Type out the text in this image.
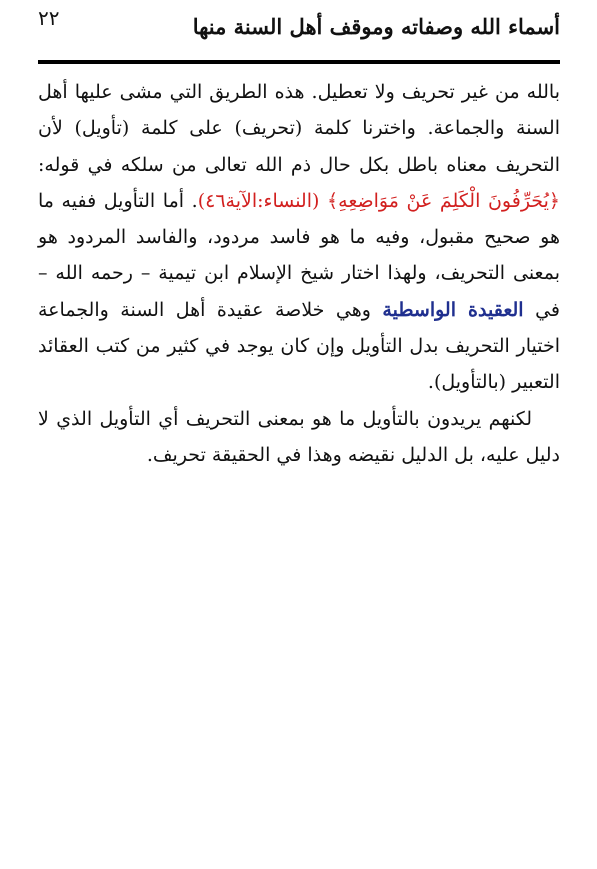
٢٢	أسماء الله وصفاته وموقف أهل السنة منها

بالله من غير تحريف ولا تعطيل. هذه الطريق التي مشى عليها أهل السنة والجماعة. واخترنا كلمة (تحريف) على كلمة (تأويل) لأن التحريف معناه باطل بكل حال ذم الله تعالى من سلكه في قوله: ﴿يُحَرِّفُونَ الْكَلِمَ عَنْ مَوَاضِعِهِ﴾ (النساء:الآية٤٦). أما التأويل ففيه ما هو صحيح مقبول، وفيه ما هو فاسد مردود، والفاسد المردود هو بمعنى التحريف، ولهذا اختار شيخ الإسلام ابن تيمية – رحمه الله – في العقيدة الواسطية وهي خلاصة عقيدة أهل السنة والجماعة اختيار التحريف بدل التأويل وإن كان يوجد في كثير من كتب العقائد التعبير (بالتأويل).

لكنهم يريدون بالتأويل ما هو بمعنى التحريف أي التأويل الذي لا دليل عليه، بل الدليل نقيضه وهذا في الحقيقة تحريف.
